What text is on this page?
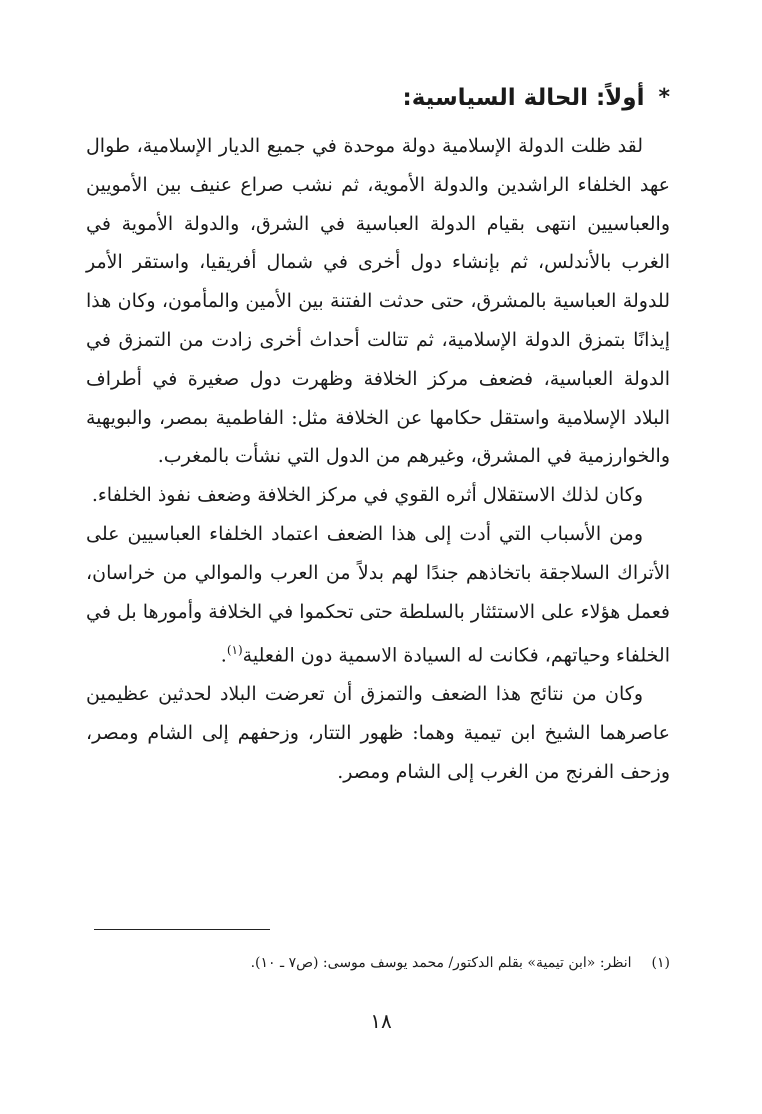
*
أولاً: الحالة السياسية:

لقد ظلت الدولة الإسلامية دولة موحدة في جميع الديار الإسلامية، طوال عهد الخلفاء الراشدين والدولة الأموية، ثم نشب صراع عنيف بين الأمويين والعباسيين انتهى بقيام الدولة العباسية في الشرق، والدولة الأموية في الغرب بالأندلس، ثم بإنشاء دول أخرى في شمال أفريقيا، واستقر الأمر للدولة العباسية بالمشرق، حتى حدثت الفتنة بين الأمين والمأمون، وكان هذا إيذانًا بتمزق الدولة الإسلامية، ثم تتالت أحداث أخرى زادت من التمزق في الدولة العباسية، فضعف مركز الخلافة وظهرت دول صغيرة في أطراف البلاد الإسلامية واستقل حكامها عن الخلافة مثل: الفاطمية بمصر، والبويهية والخوارزمية في المشرق، وغيرهم من الدول التي نشأت بالمغرب.

وكان لذلك الاستقلال أثره القوي في مركز الخلافة وضعف نفوذ الخلفاء.

ومن الأسباب التي أدت إلى هذا الضعف اعتماد الخلفاء العباسيين على الأتراك السلاجقة باتخاذهم جندًا لهم بدلاً من العرب والموالي من خراسان، فعمل هؤلاء على الاستئثار بالسلطة حتى تحكموا في الخلافة وأمورها بل في الخلفاء وحياتهم، فكانت له السيادة الاسمية دون الفعلية$^{(١)}$.

وكان من نتائج هذا الضعف والتمزق أن تعرضت البلاد لحدثين عظيمين عاصرهما الشيخ ابن تيمية وهما: ظهور التتار، وزحفهم إلى الشام ومصر، وزحف الفرنج من الغرب إلى الشام ومصر.

(١)انظر: «ابن تيمية» بقلم الدكتور/ محمد يوسف موسى: (ص٧ ـ ١٠).
١٨
